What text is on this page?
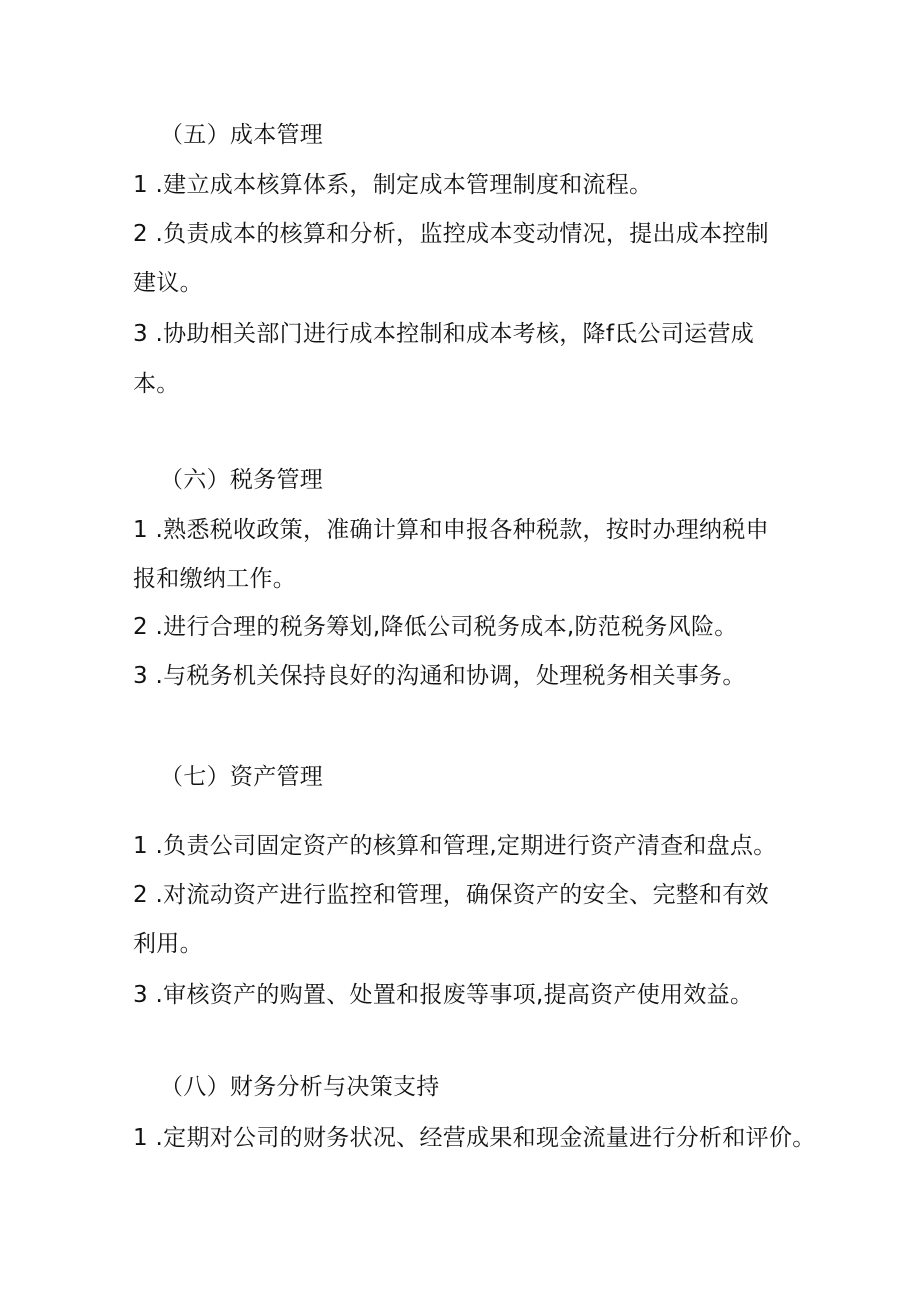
（五）成本管理
1 .建立成本核算体系，制定成本管理制度和流程。
2 .负责成本的核算和分析，监控成本变动情况，提出成本控制
建议。
3 .协助相关部门进行成本控制和成本考核，降f氐公司运营成
本。
（六）税务管理
1 .熟悉税收政策，准确计算和申报各种税款，按时办理纳税申
报和缴纳工作。
2 .进行合理的税务筹划,降低公司税务成本,防范税务风险。
3 .与税务机关保持良好的沟通和协调，处理税务相关事务。
（七）资产管理
1 .负责公司固定资产的核算和管理,定期进行资产清查和盘点。
2 .对流动资产进行监控和管理，确保资产的安全、完整和有效
利用。
3 .审核资产的购置、处置和报废等事项,提高资产使用效益。
（八）财务分析与决策支持
1 .定期对公司的财务状况、经营成果和现金流量进行分析和评价。
